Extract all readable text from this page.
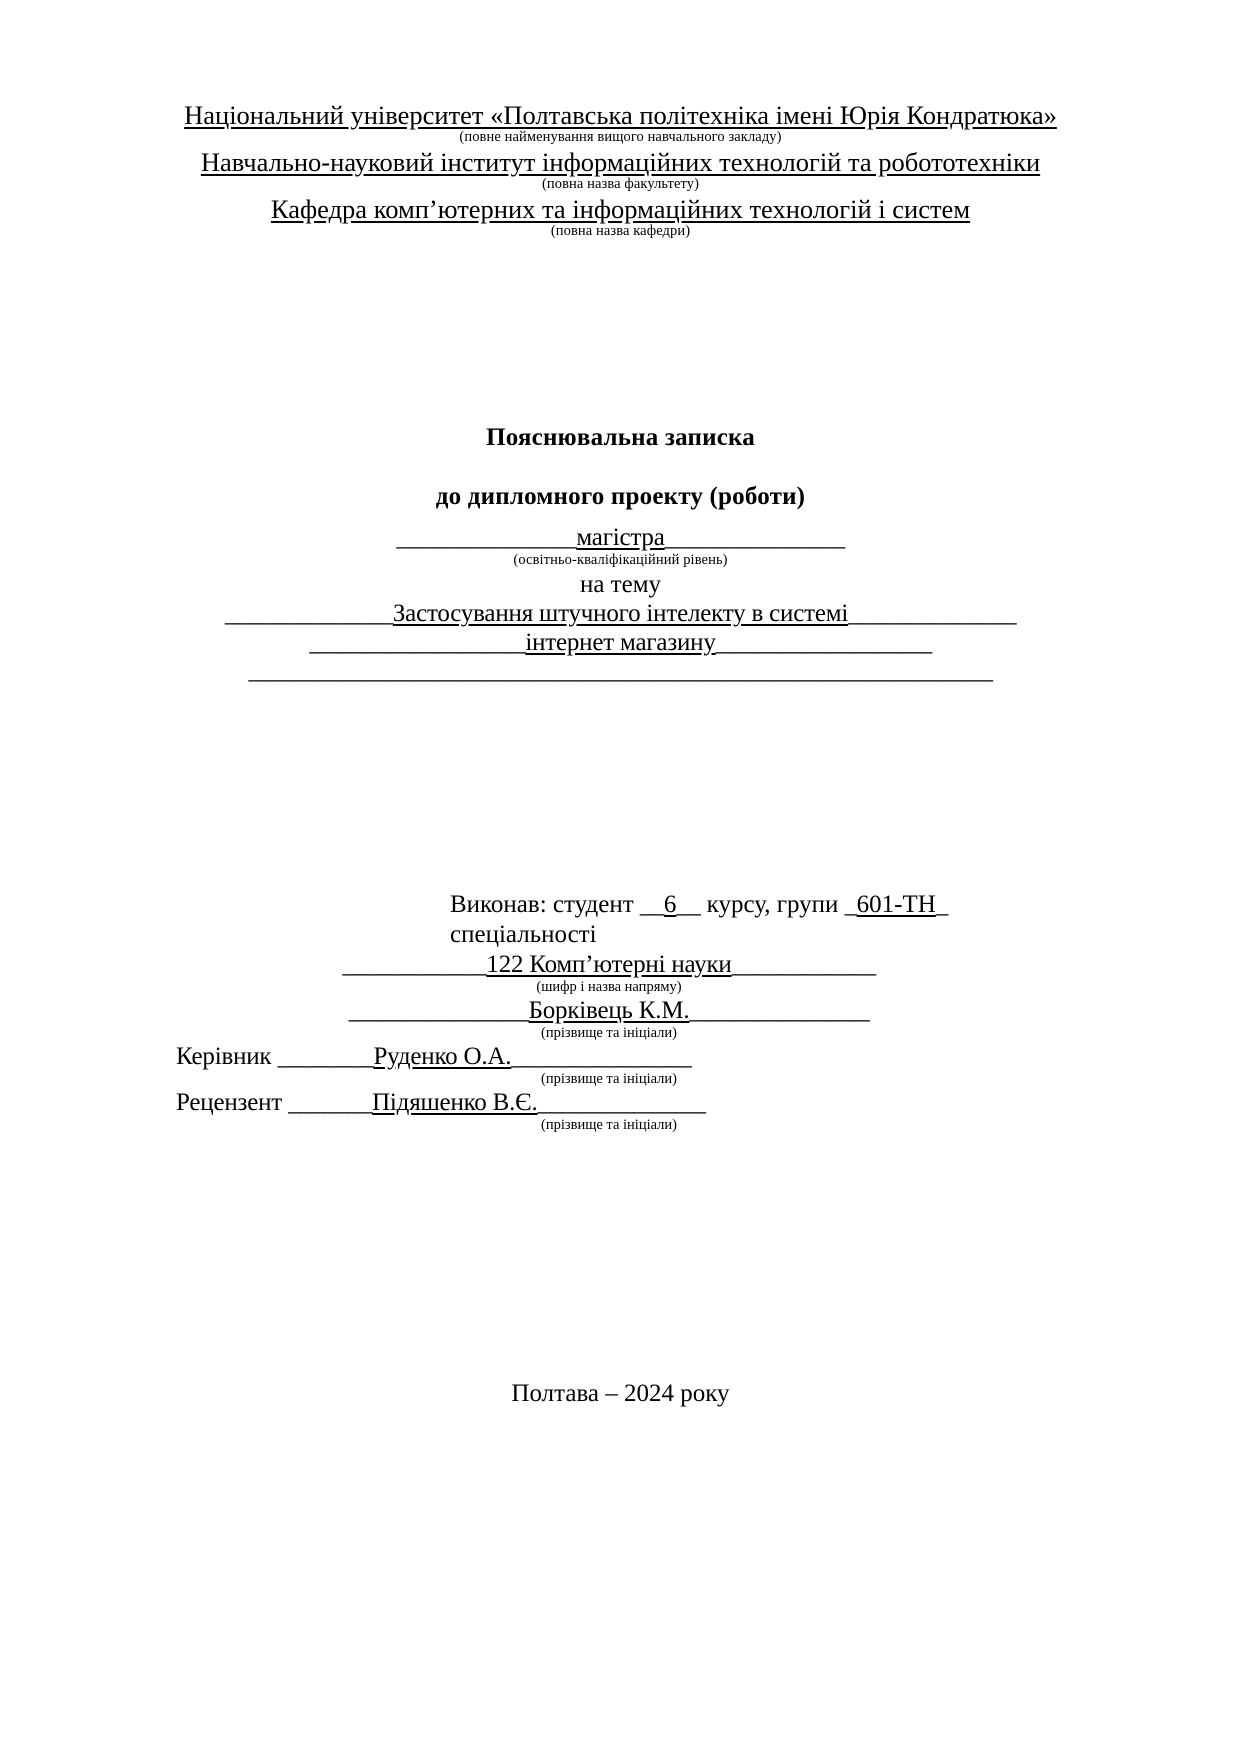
Національний університет «Полтавська політехніка імені Юрія Кондратюка»
(повне найменування вищого навчального закладу)
Навчально-науковий інститут інформаційних технологій та робототехніки
(повна назва факультету)
Кафедра комп’ютерних та інформаційних технологій і систем
(повна назва кафедри)
Пояснювальна записка
до дипломного проекту (роботи)
_______________магістра_______________
(освітньо-кваліфікаційний рівень)
на тему
______________Застосування штучного інтелекту в системі______________
__________________інтернет магазину__________________
______________________________________________________________
Виконав: студент __6__ курсу, групи _601-ТН_
спеціальності
____________122 Комп’ютерні науки____________
(шифр і назва напряму)
_______________Борківець К.М._______________
(прізвище та ініціали)
Керівник ________Руденко О.А._______________
(прізвище та ініціали)
Рецензент _______Підяшенко В.Є.______________
(прізвище та ініціали)
Полтава – 2024 року
